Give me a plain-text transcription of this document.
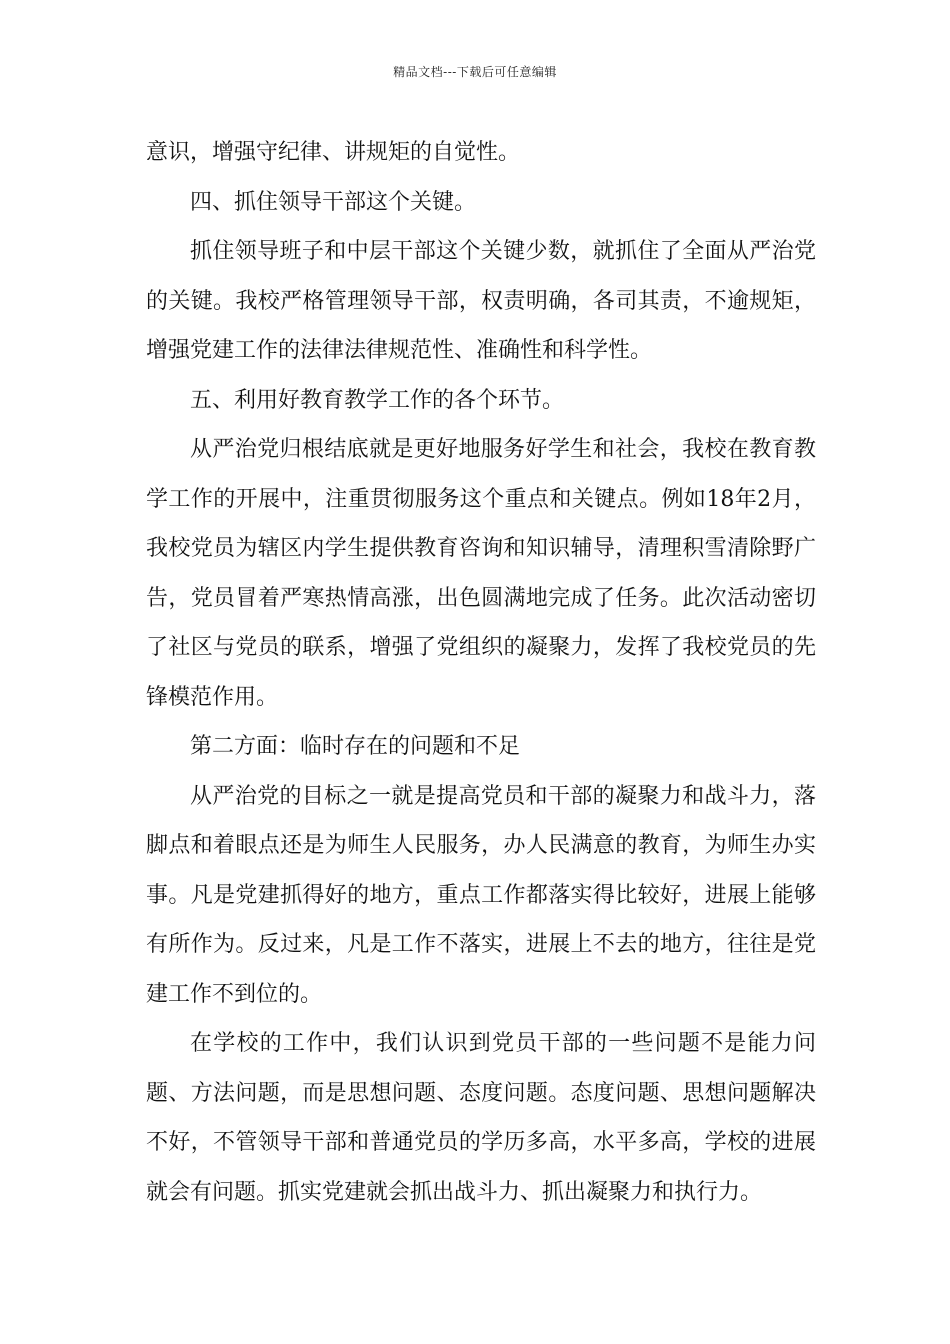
精品文档---下载后可任意编辑

意识，增强守纪律、讲规矩的自觉性。

四、抓住领导干部这个关键。

抓住领导班子和中层干部这个关键少数，就抓住了全面从严治党的关键。我校严格管理领导干部，权责明确，各司其责，不逾规矩，增强党建工作的法律法律规范性、准确性和科学性。

五、利用好教育教学工作的各个环节。

从严治党归根结底就是更好地服务好学生和社会，我校在教育教学工作的开展中，注重贯彻服务这个重点和关键点。例如18年2月，我校党员为辖区内学生提供教育咨询和知识辅导，清理积雪清除野广告，党员冒着严寒热情高涨，出色圆满地完成了任务。此次活动密切了社区与党员的联系，增强了党组织的凝聚力，发挥了我校党员的先锋模范作用。

第二方面：临时存在的问题和不足

从严治党的目标之一就是提高党员和干部的凝聚力和战斗力，落脚点和着眼点还是为师生人民服务，办人民满意的教育，为师生办实事。凡是党建抓得好的地方，重点工作都落实得比较好，进展上能够有所作为。反过来，凡是工作不落实，进展上不去的地方，往往是党建工作不到位的。

在学校的工作中，我们认识到党员干部的一些问题不是能力问题、方法问题，而是思想问题、态度问题。态度问题、思想问题解决不好，不管领导干部和普通党员的学历多高，水平多高，学校的进展就会有问题。抓实党建就会抓出战斗力、抓出凝聚力和执行力。
